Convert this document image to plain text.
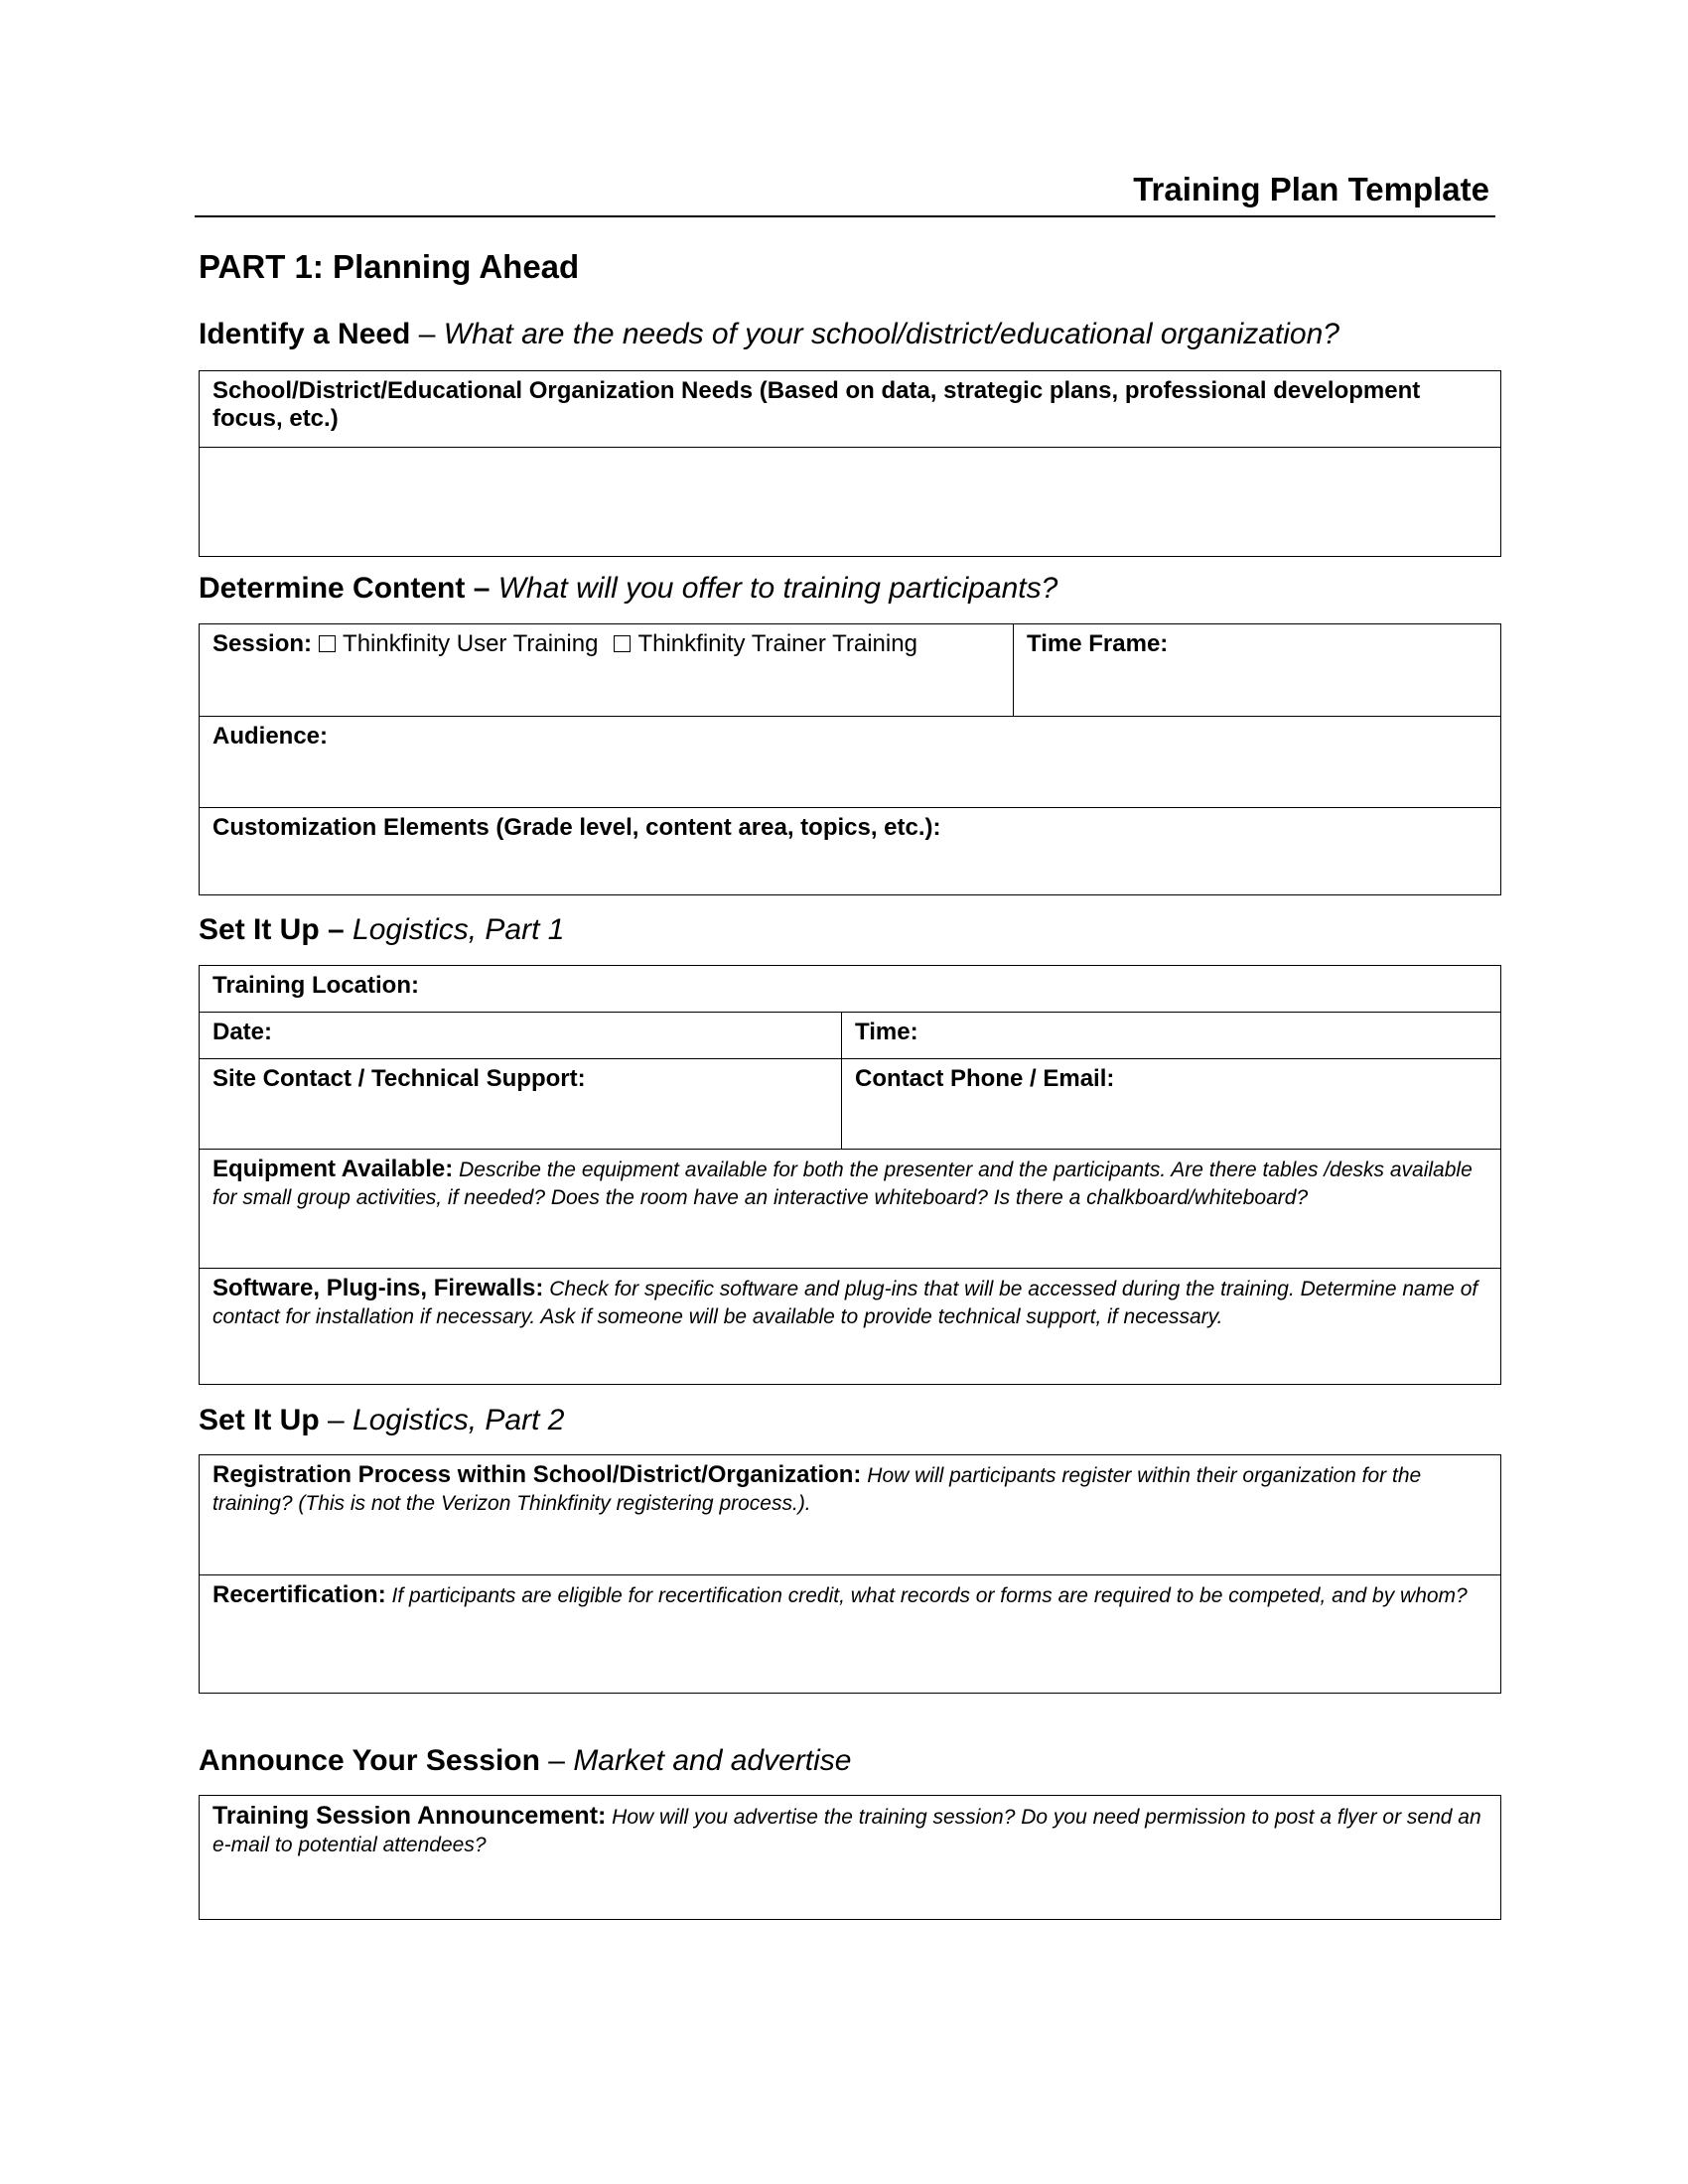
Training Plan Template
PART 1: Planning Ahead
Identify a Need – What are the needs of your school/district/educational organization?
School/District/Educational Organization Needs (Based on data, strategic plans, professional development focus, etc.)
Determine Content – What will you offer to training participants?
Session: Thinkfinity User Training Thinkfinity Trainer Training	Time Frame:
Audience:
Customization Elements (Grade level, content area, topics, etc.):
Set It Up – Logistics, Part 1
Training Location:
Date:	Time:
Site Contact / Technical Support:	Contact Phone / Email:
Equipment Available: Describe the equipment available for both the presenter and the participants. Are there tables /desks available for small group activities, if needed? Does the room have an interactive whiteboard? Is there a chalkboard/whiteboard?
Software, Plug-ins, Firewalls: Check for specific software and plug-ins that will be accessed during the training. Determine name of contact for installation if necessary. Ask if someone will be available to provide technical support, if necessary.
Set It Up – Logistics, Part 2
Registration Process within School/District/Organization: How will participants register within their organization for the training? (This is not the Verizon Thinkfinity registering process.).
Recertification: If participants are eligible for recertification credit, what records or forms are required to be competed, and by whom?
Announce Your Session – Market and advertise
Training Session Announcement: How will you advertise the training session? Do you need permission to post a flyer or send an e-mail to potential attendees?
